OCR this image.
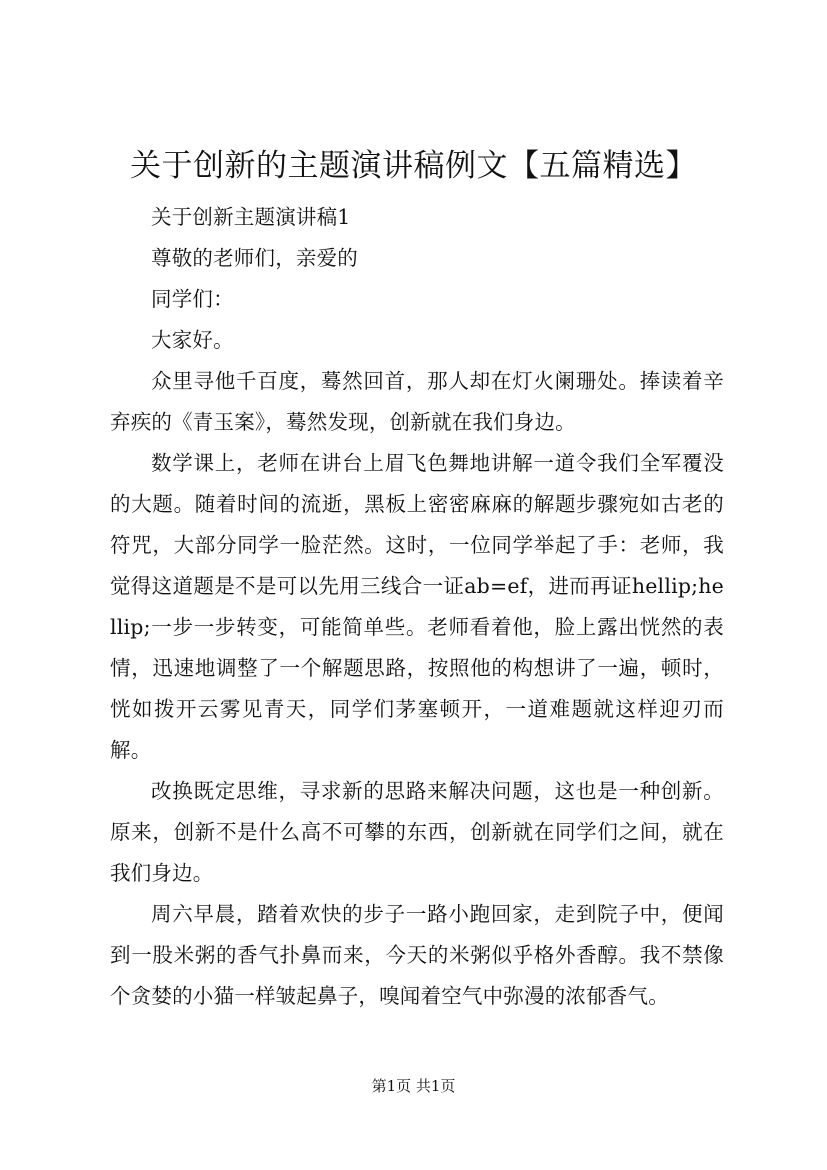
关于创新的主题演讲稿例文【五篇精选】

关于创新主题演讲稿1

尊敬的老师们，亲爱的

同学们：

大家好。

众里寻他千百度，蓦然回首，那人却在灯火阑珊处。捧读着辛弃疾的《青玉案》，蓦然发现，创新就在我们身边。

数学课上，老师在讲台上眉飞色舞地讲解一道令我们全军覆没的大题。随着时间的流逝，黑板上密密麻麻的解题步骤宛如古老的符咒，大部分同学一脸茫然。这时，一位同学举起了手：老师，我觉得这道题是不是可以先用三线合一证ab=ef，进而再证hellip;hellip;一步一步转变，可能简单些。老师看着他，脸上露出恍然的表情，迅速地调整了一个解题思路，按照他的构想讲了一遍，顿时，恍如拨开云雾见青天，同学们茅塞顿开，一道难题就这样迎刃而解。

改换既定思维，寻求新的思路来解决问题，这也是一种创新。原来，创新不是什么高不可攀的东西，创新就在同学们之间，就在我们身边。

周六早晨，踏着欢快的步子一路小跑回家，走到院子中，便闻到一股米粥的香气扑鼻而来，今天的米粥似乎格外香醇。我不禁像个贪婪的小猫一样皱起鼻子，嗅闻着空气中弥漫的浓郁香气。

第1页 共1页
